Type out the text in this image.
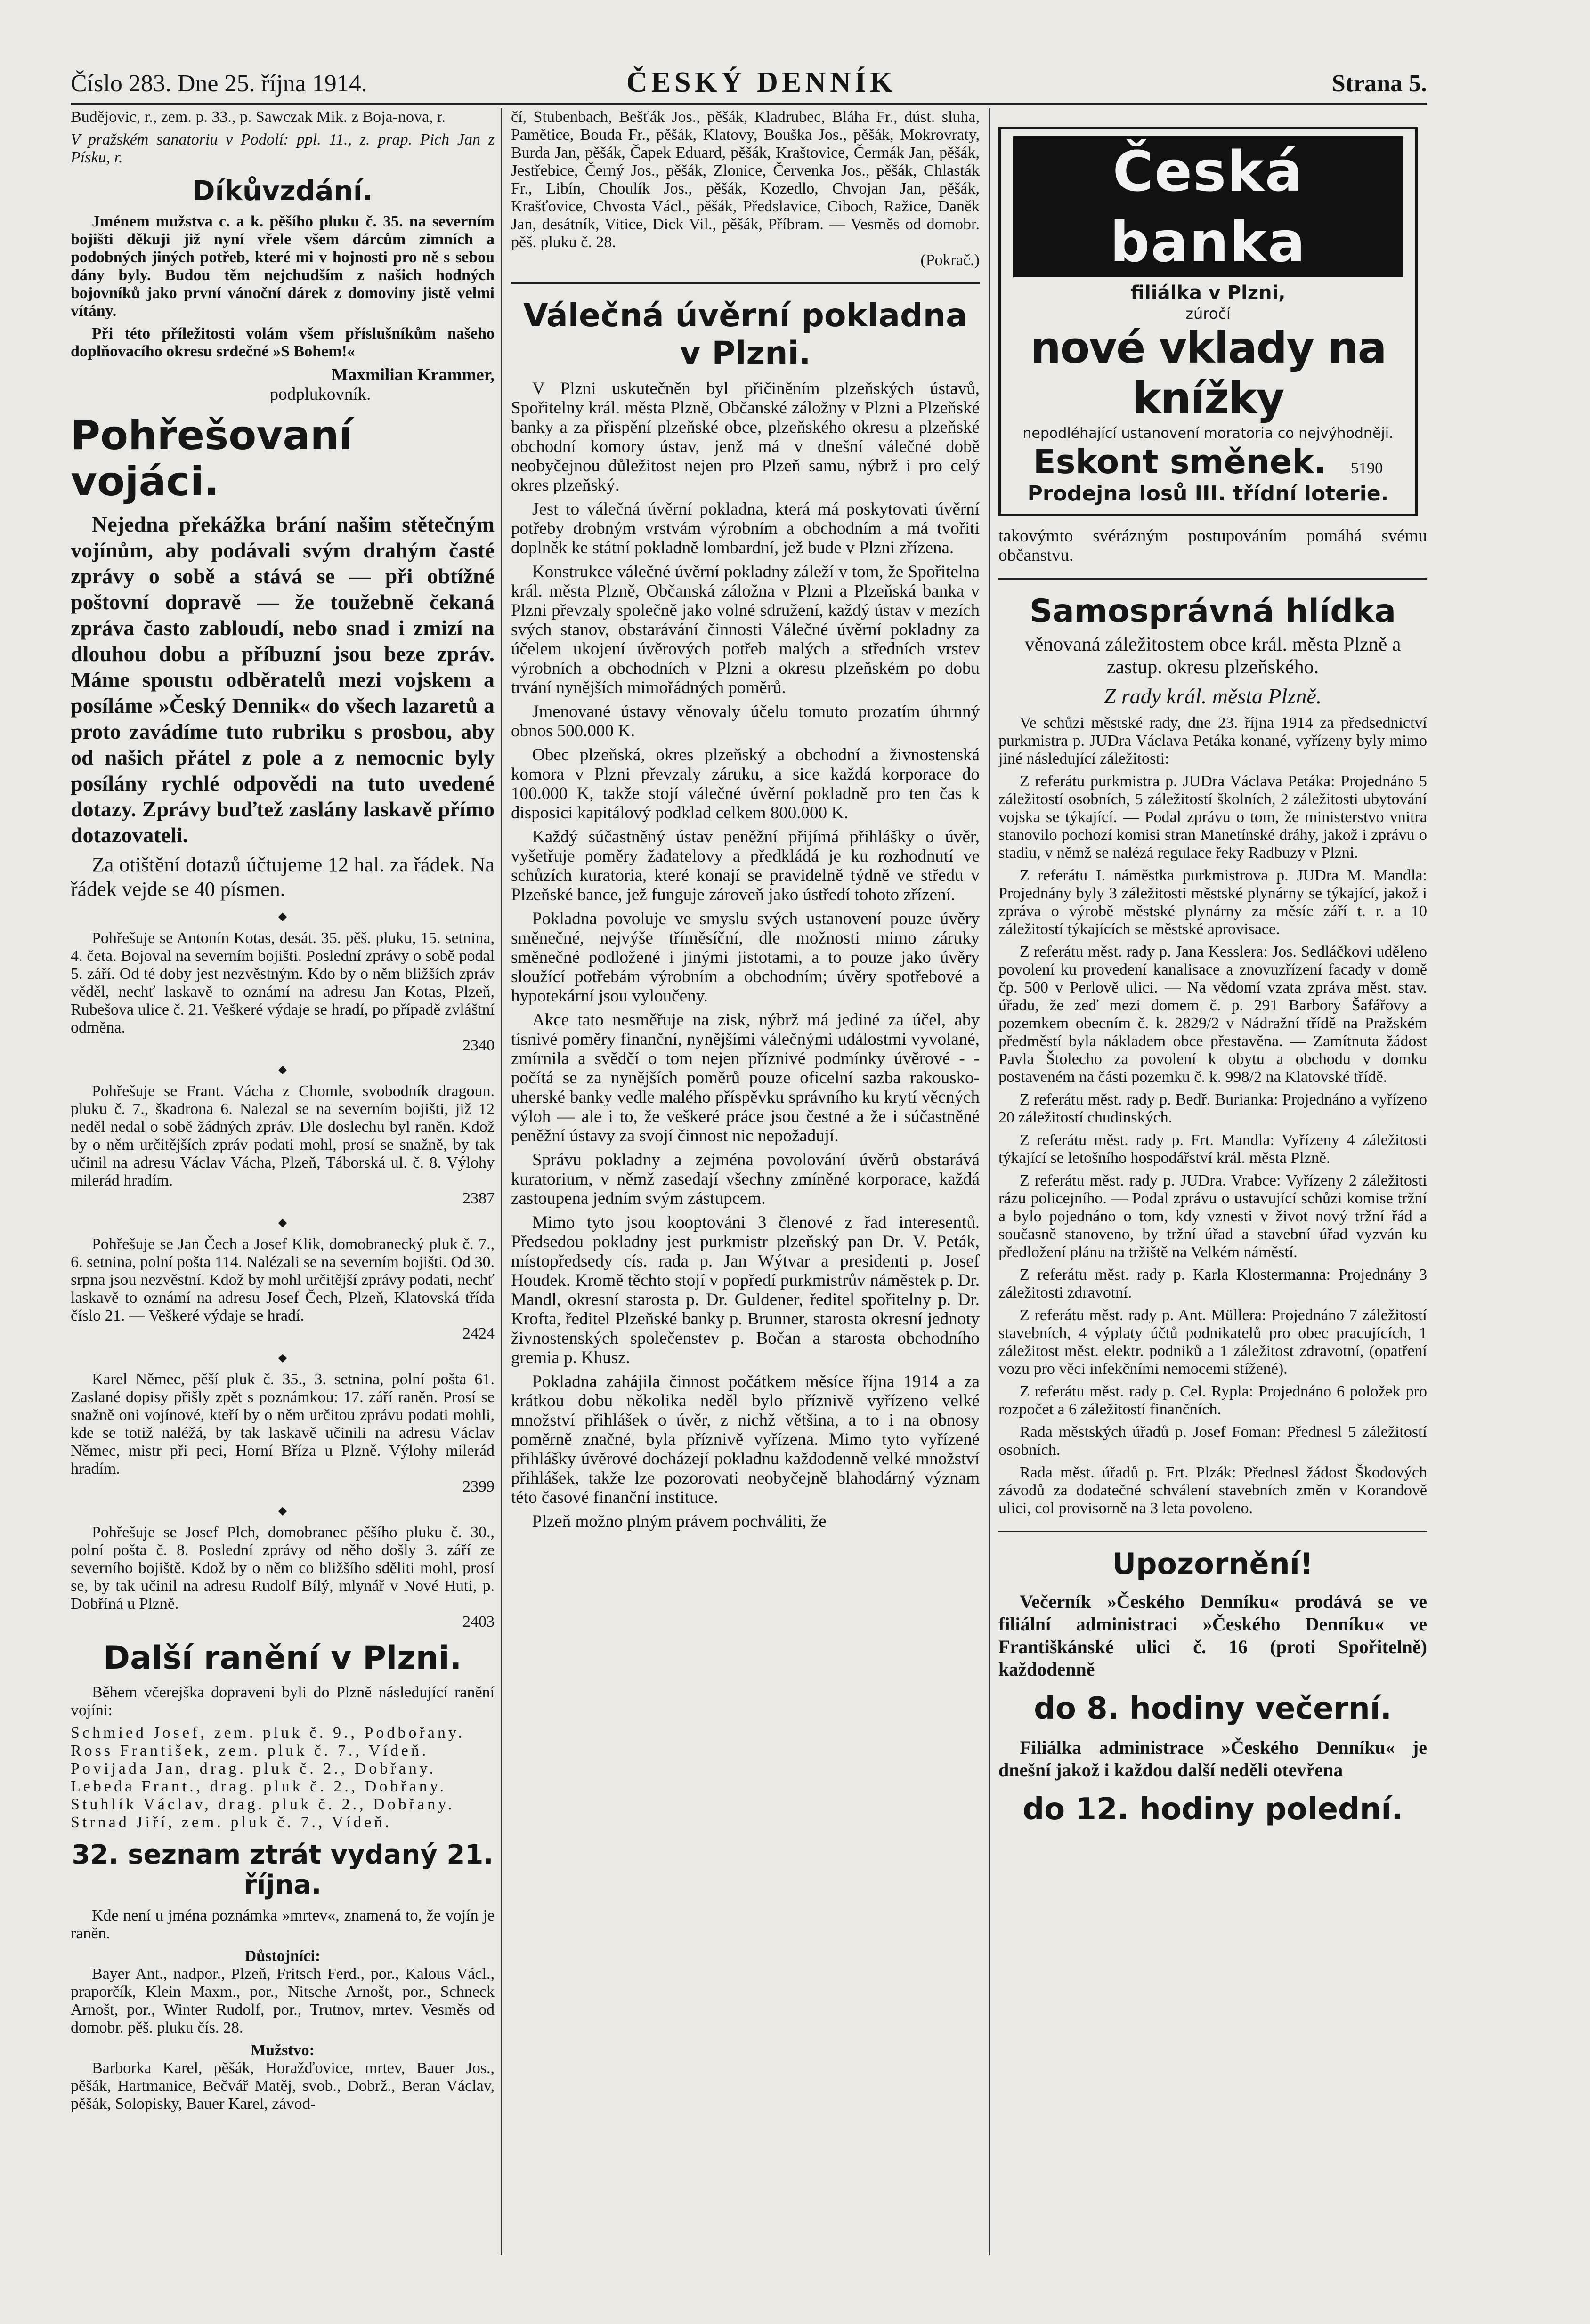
Číslo 283. Dne 25. října 1914.	ČESKÝ DENNÍK	Strana 5.

Budějovic, r., zem. p. 33., p. Sawczak Mik. z Boja-nova, r.

V pražském sanatoriu v Podolí: ppl. 11., z. prap. Pich Jan z Písku, r.

Díkůvzdání.

Jménem mužstva c. a k. pěšího pluku č. 35. na severním bojišti děkuji již nyní vřele všem dárcům zimních a podobných jiných potřeb, které mi v hojnosti pro ně s sebou dány byly. Budou těm nejchudším z našich hodných bojovníků jako první vánoční dárek z domoviny jistě velmi vítány.

Při této příležitosti volám všem příslušníkům našeho doplňovacího okresu srdečné »S Bohem!«

Maxmilian Krammer,

podplukovník.

Pohřešovaní vojáci.

Nejedna překážka brání našim stětečným vojínům, aby podávali svým drahým časté zprávy o sobě a stává se — při obtížné poštovní dopravě — že toužebně čekaná zpráva často zabloudí, nebo snad i zmizí na dlouhou dobu a příbuzní jsou beze zpráv. Máme spoustu odběratelů mezi vojskem a posíláme »Český Dennik« do všech lazaretů a proto zavádíme tuto rubriku s prosbou, aby od našich přátel z pole a z nemocnic byly posílány rychlé odpovědi na tuto uvedené dotazy. Zprávy buďtež zaslány laskavě přímo dotazovateli.

Za otištění dotazů účtujeme 12 hal. za řádek. Na řádek vejde se 40 písmen.

◆

Pohřešuje se Antonín Kotas, desát. 35. pěš. pluku, 15. setnina, 4. četa. Bojoval na severním bojišti. Poslední zprávy o sobě podal 5. září. Od té doby jest nezvěstným. Kdo by o něm bližších zpráv věděl, nechť laskavě to oznámí na adresu Jan Kotas, Plzeň, Rubešova ulice č. 21. Veškeré výdaje se hradí, po případě zvláštní odměna.

2340

◆

Pohřešuje se Frant. Vácha z Chomle, svobodník dragoun. pluku č. 7., škadrona 6. Nalezal se na severním bojišti, již 12 neděl nedal o sobě žádných zpráv. Dle doslechu byl raněn. Kdož by o něm určitějších zpráv podati mohl, prosí se snažně, by tak učinil na adresu Václav Vácha, Plzeň, Táborská ul. č. 8. Výlohy milerád hradím.

2387

◆

Pohřešuje se Jan Čech a Josef Klik, domobranecký pluk č. 7., 6. setnina, polní pošta 114. Nalézali se na severním bojišti. Od 30. srpna jsou nezvěstní. Kdož by mohl určitější zprávy podati, nechť laskavě to oznámí na adresu Josef Čech, Plzeň, Klatovská třída číslo 21. — Veškeré výdaje se hradí.

2424

◆

Karel Němec, pěší pluk č. 35., 3. setnina, polní pošta 61. Zaslané dopisy přišly zpět s poznámkou: 17. září raněn. Prosí se snažně oni vojínové, kteří by o něm určitou zprávu podati mohli, kde se totiž naléžá, by tak laskavě učinili na adresu Václav Němec, mistr při peci, Horní Bříza u Plzně. Výlohy milerád hradím.

2399

◆

Pohřešuje se Josef Plch, domobranec pěšího pluku č. 30., polní pošta č. 8. Poslední zprávy od něho došly 3. září ze severního bojiště. Kdož by o něm co bližšího sděliti mohl, prosí se, by tak učinil na adresu Rudolf Bílý, mlynář v Nové Huti, p. Dobříná u Plzně.

2403

Další ranění v Plzni.

Během včerejška dopraveni byli do Plzně následující ranění vojíni:

Schmied Josef, zem. pluk č. 9., Podbořany.

Ross František, zem. pluk č. 7., Vídeň.

Povijada Jan, drag. pluk č. 2., Dobřany.

Lebeda Frant., drag. pluk č. 2., Dobřany.

Stuhlík Václav, drag. pluk č. 2., Dobřany.

Strnad Jiří, zem. pluk č. 7., Vídeň.

32. seznam ztrát vydaný 21. října.

Kde není u jména poznámka »mrtev«, znamená to, že vojín je raněn.

Důstojníci:

Bayer Ant., nadpor., Plzeň, Fritsch Ferd., por., Kalous Václ., praporčík, Klein Maxm., por., Nitsche Arnošt, por., Schneck Arnošt, por., Winter Rudolf, por., Trutnov, mrtev. Vesměs od domobr. pěš. pluku čís. 28.

Mužstvo:

Barborka Karel, pěšák, Horažďovice, mrtev, Bauer Jos., pěšák, Hartmanice, Bečvář Matěj, svob., Dobrž., Beran Václav, pěšák, Solopisky, Bauer Karel, závod-

čí, Stubenbach, Bešťák Jos., pěšák, Kladrubec, Bláha Fr., dúst. sluha, Pamětice, Bouda Fr., pěšák, Klatovy, Bouška Jos., pěšák, Mokrovraty, Burda Jan, pěšák, Čapek Eduard, pěšák, Kraštovice, Čermák Jan, pěšák, Jestřebice, Černý Jos., pěšák, Zlonice, Červenka Jos., pěšák, Chlasták Fr., Libín, Choulík Jos., pěšák, Kozedlo, Chvojan Jan, pěšák, Krašťovice, Chvosta Václ., pěšák, Předslavice, Ciboch, Ražice, Daněk Jan, desátník, Vitice, Dick Vil., pěšák, Příbram. — Vesměs od domobr. pěš. pluku č. 28.

(Pokrač.)

Válečná úvěrní pokladna v Plzni.

V Plzni uskutečněn byl přičiněním plzeňských ústavů, Spořitelny král. města Plzně, Občanské záložny v Plzni a Plzeňské banky a za přispění plzeňské obce, plzeňského okresu a plzeňské obchodní komory ústav, jenž má v dnešní válečné době neobyčejnou důležitost nejen pro Plzeň samu, nýbrž i pro celý okres plzeňský.

Jest to válečná úvěrní pokladna, která má poskytovati úvěrní potřeby drobným vrstvám výrobním a obchodním a má tvořiti doplněk ke státní pokladně lombardní, jež bude v Plzni zřízena.

Konstrukce válečné úvěrní pokladny záleží v tom, že Spořitelna král. města Plzně, Občanská záložna v Plzni a Plzeňská banka v Plzni převzaly společně jako volné sdružení, každý ústav v mezích svých stanov, obstarávání činnosti Válečné úvěrní pokladny za účelem ukojení úvěrových potřeb malých a středních vrstev výrobních a obchodních v Plzni a okresu plzeňském po dobu trvání nynějších mimořádných poměrů.

Jmenované ústavy věnovaly účelu tomuto prozatím úhrnný obnos 500.000 K.

Obec plzeňská, okres plzeňský a obchodní a živnostenská komora v Plzni převzaly záruku, a sice každá korporace do 100.000 K, takže stojí válečné úvěrní pokladně pro ten čas k disposici kapitálový podklad celkem 800.000 K.

Každý súčastněný ústav peněžní přijímá přihlášky o úvěr, vyšetřuje poměry žadatelovy a předkládá je ku rozhodnutí ve schůzích kuratoria, které konají se pravidelně týdně ve středu v Plzeňské bance, jež funguje zároveň jako ústředí tohoto zřízení.

Pokladna povoluje ve smyslu svých ustanovení pouze úvěry směnečné, nejvýše tříměsíční, dle možnosti mimo záruky směnečné podložené i jinými jistotami, a to pouze jako úvěry sloužící potřebám výrobním a obchodním; úvěry spotřebové a hypotekární jsou vyloučeny.

Akce tato nesměřuje na zisk, nýbrž má jediné za účel, aby tísnivé poměry finanční, nynějšími válečnými událostmi vyvolané, zmírnila a svědčí o tom nejen příznivé podmínky úvěrové - - počítá se za nynějších poměrů pouze oficelní sazba rakousko-uherské banky vedle malého příspěvku správního ku krytí věcných výloh — ale i to, že veškeré práce jsou čestné a že i súčastněné peněžní ústavy za svojí činnost nic nepožadují.

Správu pokladny a zejména povolování úvěrů obstarává kuratorium, v němž zasedají všechny zmíněné korporace, každá zastoupena jedním svým zástupcem.

Mimo tyto jsou kooptováni 3 členové z řad interesentů. Předsedou pokladny jest purkmistr plzeňský pan Dr. V. Peták, místopředsedy cís. rada p. Jan Wýtvar a presidenti p. Josef Houdek. Kromě těchto stojí v popředí purkmistrův náměstek p. Dr. Mandl, okresní starosta p. Dr. Guldener, ředitel spořitelny p. Dr. Krofta, ředitel Plzeňské banky p. Brunner, starosta okresní jednoty živnostenských společenstev p. Bočan a starosta obchodního gremia p. Khusz.

Pokladna zahájila činnost počátkem měsíce října 1914 a za krátkou dobu několika neděl bylo příznivě vyřízeno velké množství přihlášek o úvěr, z nichž většina, a to i na obnosy poměrně značné, byla příznivě vyřízena. Mimo tyto vyřízené přihlášky úvěrové docházejí pokladnu každodenně velké množství přihlášek, takže lze pozorovati neobyčejně blahodárný význam této časové finanční instituce.

Plzeň možno plným právem pochváliti, že

Česká banka
filiálka v Plzni,
zúročí
nové vklady na knížky
nepodléhající ustanovení moratoria co nejvýhodněji.
Eskont směnek. 5190
Prodejna losů III. třídní loterie.

takovýmto svérázným postupováním pomáhá svému občanstvu.

Samosprávná hlídka

věnovaná záležitostem obce král. města Plzně a zastup. okresu plzeňského.

Z rady král. města Plzně.

Ve schůzi městské rady, dne 23. října 1914 za předsednictví purkmistra p. JUDra Václava Petáka konané, vyřízeny byly mimo jiné následující záležitosti:

Z referátu purkmistra p. JUDra Václava Petáka: Projednáno 5 záležitostí osobních, 5 záležitostí školních, 2 záležitosti ubytování vojska se týkající. — Podal zprávu o tom, že ministerstvo vnitra stanovilo pochozí komisi stran Manetínské dráhy, jakož i zprávu o stadiu, v němž se nalézá regulace řeky Radbuzy v Plzni.

Z referátu I. náměstka purkmistrova p. JUDra M. Mandla: Projednány byly 3 záležitosti městské plynárny se týkající, jakož i zpráva o výrobě městské plynárny za měsíc září t. r. a 10 záležitostí týkajících se městské aprovisace.

Z referátu měst. rady p. Jana Kesslera: Jos. Sedláčkovi uděleno povolení ku provedení kanalisace a znovuzřízení facady v domě čp. 500 v Perlově ulici. — Na vědomí vzata zpráva měst. stav. úřadu, že zeď mezi domem č. p. 291 Barbory Šafářovy a pozemkem obecním č. k. 2829/2 v Nádražní třídě na Pražském předměstí byla nákladem obce přestavěna. — Zamítnuta žádost Pavla Štolecho za povolení k obytu a obchodu v domku postaveném na části pozemku č. k. 998/2 na Klatovské třídě.

Z referátu měst. rady p. Bedř. Burianka: Projednáno a vyřízeno 20 záležitostí chudinských.

Z referátu měst. rady p. Frt. Mandla: Vyřízeny 4 záležitosti týkající se letošního hospodářství král. města Plzně.

Z referátu měst. rady p. JUDra. Vrabce: Vyřízeny 2 záležitosti rázu policejního. — Podal zprávu o ustavující schůzi komise tržní a bylo pojednáno o tom, kdy vznesti v život nový tržní řád a současně stanoveno, by tržní úřad a stavební úřad vyzván ku předložení plánu na tržiště na Velkém náměstí.

Z referátu měst. rady p. Karla Klostermanna: Projednány 3 záležitosti zdravotní.

Z referátu měst. rady p. Ant. Müllera: Projednáno 7 záležitostí stavebních, 4 výplaty účtů podnikatelů pro obec pracujících, 1 záležitost měst. elektr. podniků a 1 záležitost zdravotní, (opatření vozu pro věci infekčními nemocemi stížené).

Z referátu měst. rady p. Cel. Rypla: Projednáno 6 položek pro rozpočet a 6 záležitostí finančních.

Rada městských úřadů p. Josef Foman: Přednesl 5 záležitostí osobních.

Rada měst. úřadů p. Frt. Plzák: Přednesl žádost Škodových závodů za dodatečné schválení stavebních změn v Korandově ulici, col provisorně na 3 leta povoleno.

Upozornění!

Večerník »Českého Denníku« prodává se ve filiální administraci »Českého Denníku« ve Františkánské ulici č. 16 (proti Spořitelně) každodenně

do 8. hodiny večerní.

Filiálka administrace »Českého Denníku« je dnešní jakož i každou další neděli otevřena

do 12. hodiny polední.
